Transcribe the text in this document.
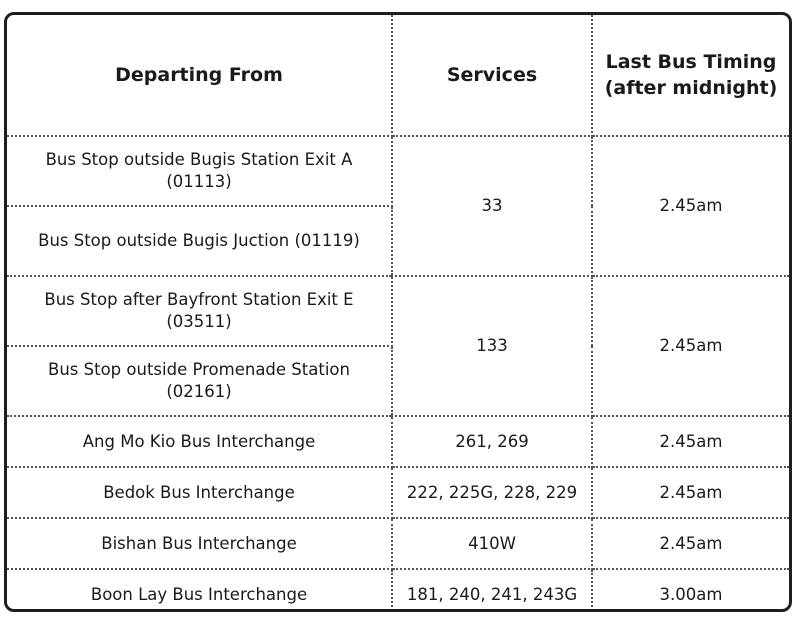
Departing From	Services	Last Bus Timing
(after midnight)
Bus Stop outside Bugis Station Exit A (01113)	33	2.45am
Bus Stop outside Bugis Juction (01119)		
Bus Stop after Bayfront Station Exit E (03511)	133	2.45am
Bus Stop outside Promenade Station (02161)		
Ang Mo Kio Bus Interchange	261, 269	2.45am
Bedok Bus Interchange	222, 225G, 228, 229	2.45am
Bishan Bus Interchange	410W	2.45am
Boon Lay Bus Interchange	181, 240, 241, 243G	3.00am
